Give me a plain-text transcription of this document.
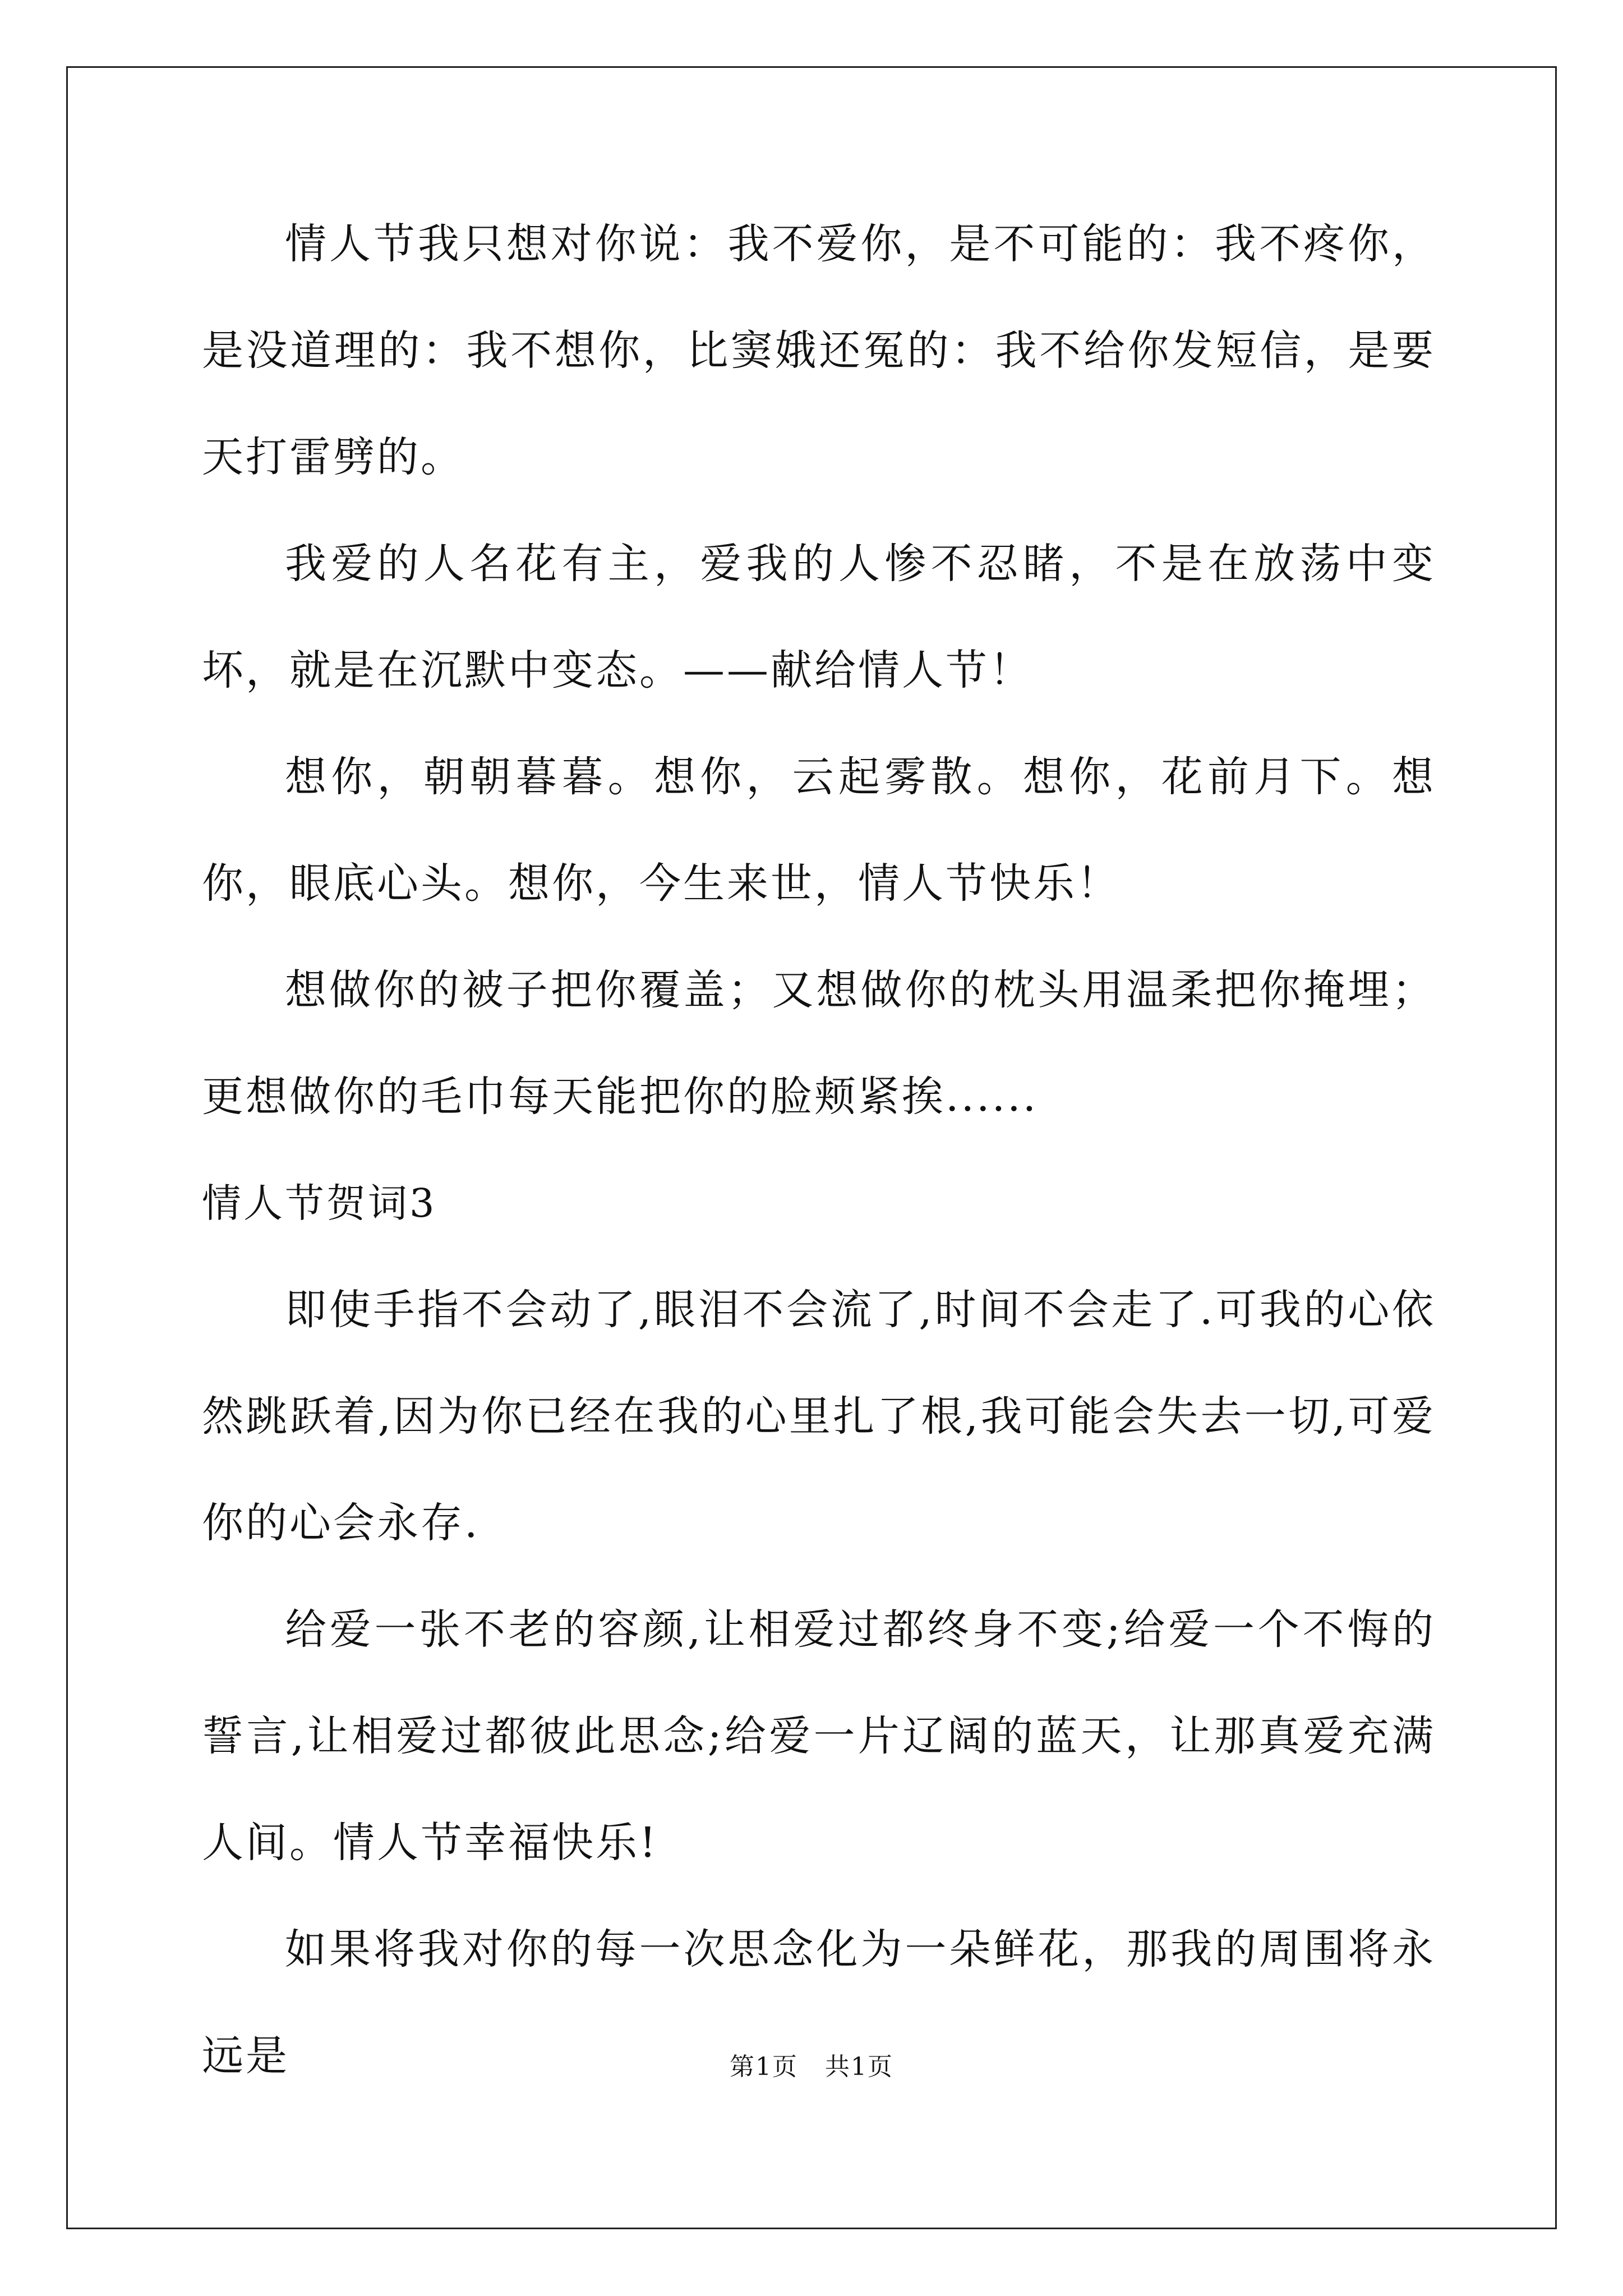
情人节我只想对你说：我不爱你，是不可能的：我不疼你，是没道理的：我不想你，比窦娥还冤的：我不给你发短信，是要天打雷劈的。

我爱的人名花有主，爱我的人惨不忍睹，不是在放荡中变坏，就是在沉默中变态。——献给情人节！

想你，朝朝暮暮。想你，云起雾散。想你，花前月下。想你，眼底心头。想你，今生来世，情人节快乐！

想做你的被子把你覆盖；又想做你的枕头用温柔把你掩埋；更想做你的毛巾每天能把你的脸颊紧挨......

情人节贺词3

即使手指不会动了,眼泪不会流了,时间不会走了.可我的心依然跳跃着,因为你已经在我的心里扎了根,我可能会失去一切,可爱你的心会永存.

给爱一张不老的容颜,让相爱过都终身不变;给爱一个不悔的誓言,让相爱过都彼此思念;给爱一片辽阔的蓝天，让那真爱充满人间。情人节幸福快乐!

如果将我对你的每一次思念化为一朵鲜花，那我的周围将永远是	第1页 共1页
